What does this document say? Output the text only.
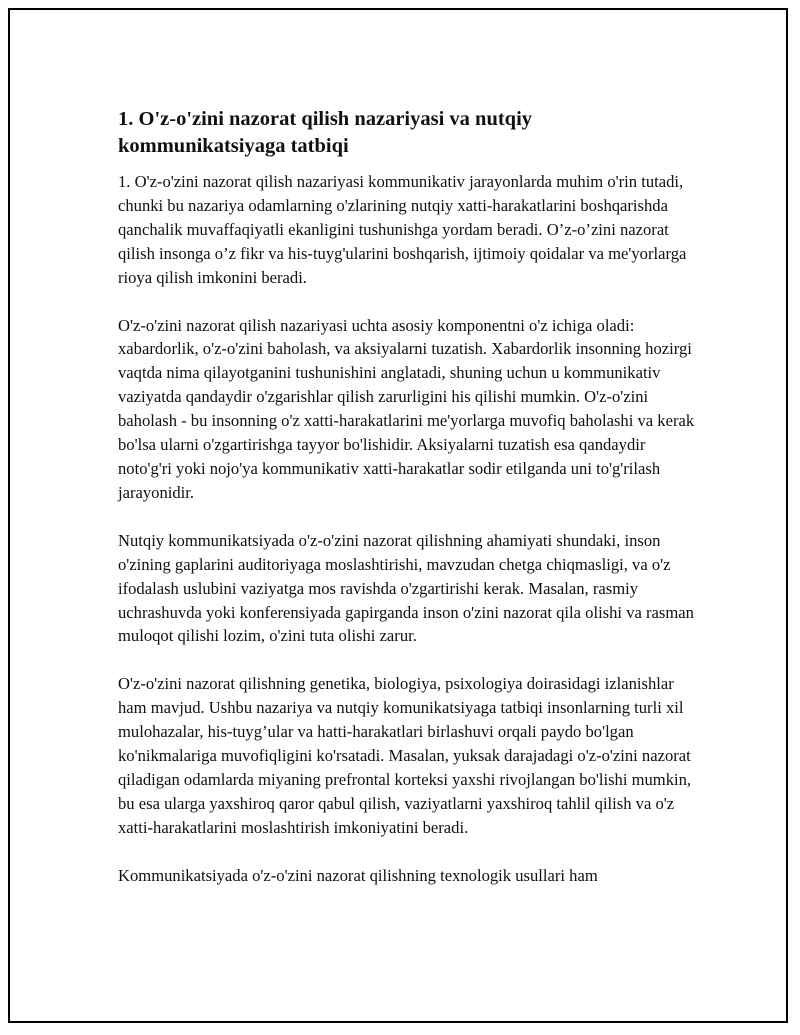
1. O'z-o'zini nazorat qilish nazariyasi va nutqiy kommunikatsiyaga tatbiqi

1. O'z-o'zini nazorat qilish nazariyasi kommunikativ jarayonlarda muhim o'rin tutadi, chunki bu nazariya odamlarning o'zlarining nutqiy xatti-harakatlarini boshqarishda qanchalik muvaffaqiyatli ekanligini tushunishga yordam beradi. O’z-o’zini nazorat qilish insonga o’z fikr va his-tuyg'ularini boshqarish, ijtimoiy qoidalar va me'yorlarga rioya qilish imkonini beradi.

O'z-o'zini nazorat qilish nazariyasi uchta asosiy komponentni o'z ichiga oladi: xabardorlik, o'z-o'zini baholash, va aksiyalarni tuzatish. Xabardorlik insonning hozirgi vaqtda nima qilayotganini tushunishini anglatadi, shuning uchun u kommunikativ vaziyatda qandaydir o'zgarishlar qilish zarurligini his qilishi mumkin. O'z-o'zini baholash - bu insonning o'z xatti-harakatlarini me'yorlarga muvofiq baholashi va kerak bo'lsa ularni o'zgartirishga tayyor bo'lishidir. Aksiyalarni tuzatish esa qandaydir noto'g'ri yoki nojo'ya kommunikativ xatti-harakatlar sodir etilganda uni to'g'rilash jarayonidir.

Nutqiy kommunikatsiyada o'z-o'zini nazorat qilishning ahamiyati shundaki, inson o'zining gaplarini auditoriyaga moslashtirishi, mavzudan chetga chiqmasligi, va o'z ifodalash uslubini vaziyatga mos ravishda o'zgartirishi kerak. Masalan, rasmiy uchrashuvda yoki konferensiyada gapirganda inson o'zini nazorat qila olishi va rasman muloqot qilishi lozim, o'zini tuta olishi zarur.

O'z-o'zini nazorat qilishning genetika, biologiya, psixologiya doirasidagi izlanishlar ham mavjud. Ushbu nazariya va nutqiy komunikatsiyaga tatbiqi insonlarning turli xil mulohazalar, his-tuyg’ular va hatti-harakatlari birlashuvi orqali paydo bo'lgan ko'nikmalariga muvofiqligini ko'rsatadi. Masalan, yuksak darajadagi o'z-o'zini nazorat qiladigan odamlarda miyaning prefrontal korteksi yaxshi rivojlangan bo'lishi mumkin, bu esa ularga yaxshiroq qaror qabul qilish, vaziyatlarni yaxshiroq tahlil qilish va o'z xatti-harakatlarini moslashtirish imkoniyatini beradi.

Kommunikatsiyada o'z-o'zini nazorat qilishning texnologik usullari ham
